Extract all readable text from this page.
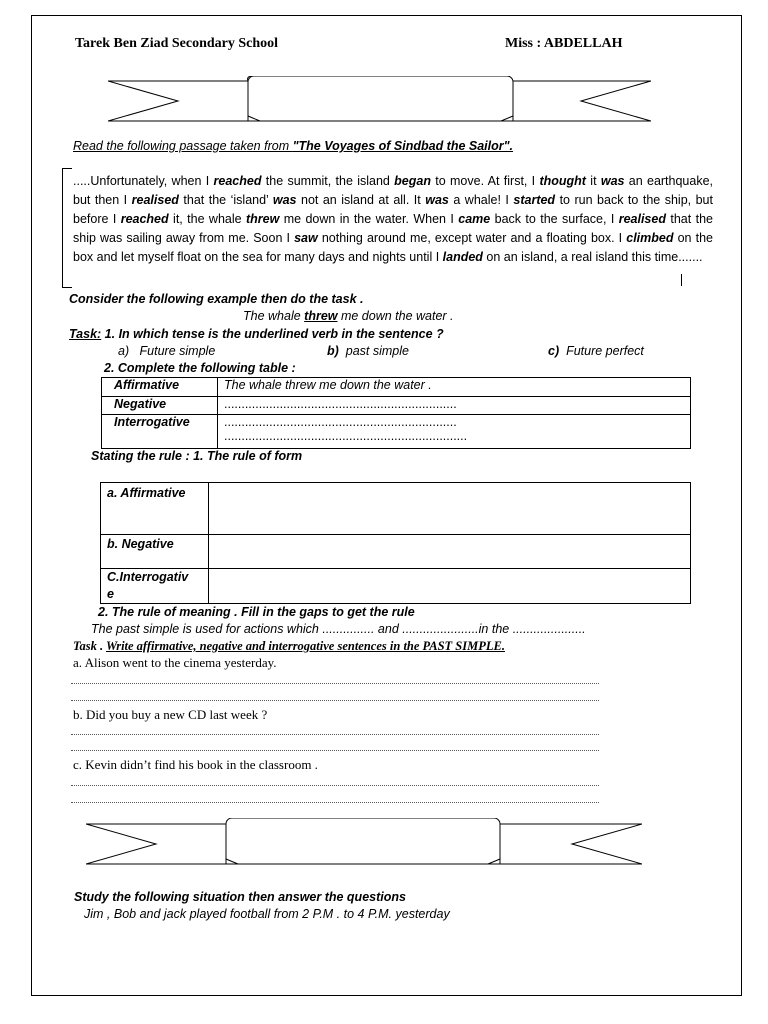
Tarek Ben Ziad Secondary School	Miss : ABDELLAH
Read the following passage taken from "The Voyages of Sindbad the Sailor".
.....Unfortunately, when I reached the summit, the island began to move. At first, I thought it was an earthquake, but then I realised that the ‘island’ was not an island at all. It was a whale! I started to run back to the ship, but before I reached it, the whale threw me down in the water. When I came back to the surface, I realised that the ship was sailing away from me. Soon I saw nothing around me, except water and a floating box. I climbed on the box and let myself float on the sea for many days and nights until I landed on an island, a real island this time.......
Consider the following example then do the task .
The whale threw me down the water .
Task: 1. In which tense is the underlined verb in the sentence ?
a) Future simple	b) past simple	c) Future perfect
2. Complete the following table :
Affirmative	The whale threw me down the water .
Negative	...................................................................
Interrogative	...................................................................
......................................................................
Stating the rule : 1. The rule of form
a. Affirmative	
b. Negative	

C.Interrogativ
e	

2. The rule of meaning . Fill in the gaps to get the rule
The past simple is used for actions which ............... and ......................in the .....................
Task . Write affirmative, negative and interrogative sentences in the PAST SIMPLE.
a. Alison went to the cinema yesterday.
b. Did you buy a new CD last week ?
c. Kevin didn’t find his book in the classroom .
Study the following situation then answer the questions
Jim , Bob and jack played football from 2 P.M . to 4 P.M. yesterday
